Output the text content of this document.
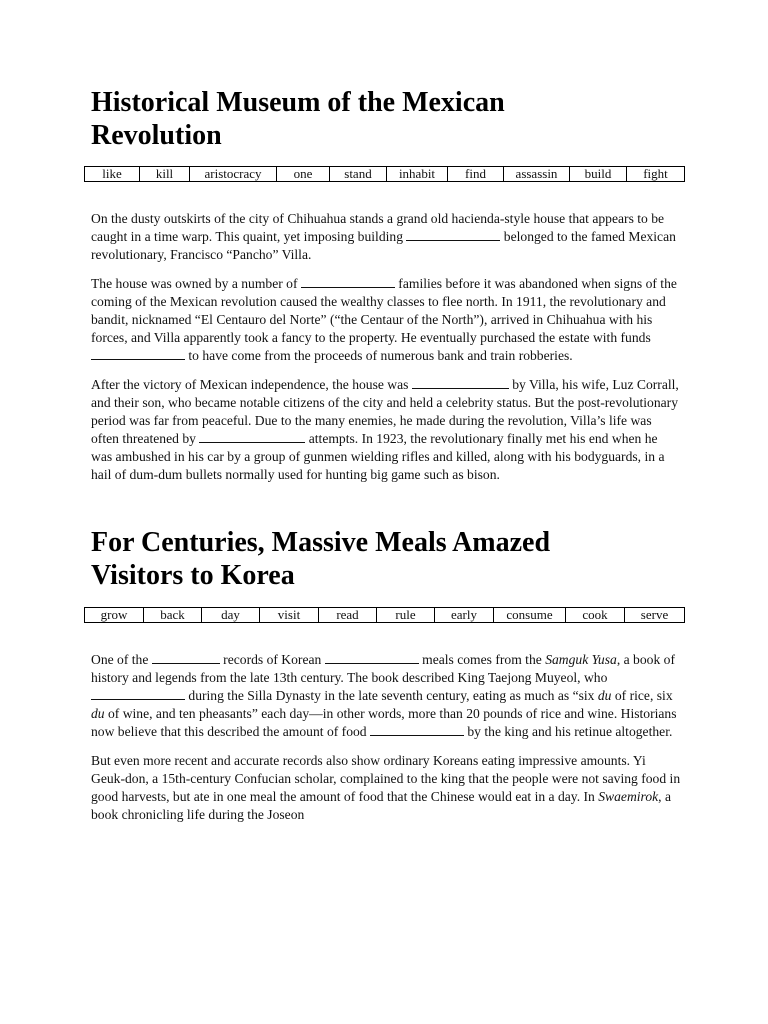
Historical Museum of the Mexican
Revolution
like	kill	aristocracy	one	stand	inhabit	find	assassin	build	fight

On the dusty outskirts of the city of Chihuahua stands a grand old hacienda-style house that appears to be caught in a time warp. This quaint, yet imposing building	belonged to the famed Mexican revolutionary, Francisco “Pancho” Villa.

The house was owned by a number of	families before it was abandoned when signs of the coming of the Mexican revolution caused the wealthy classes to flee north. In 1911, the revolutionary and bandit, nicknamed “El Centauro del Norte” (“the Centaur of the North”), arrived in Chihuahua with his forces, and Villa apparently took a fancy to the property. He eventually purchased the estate with funds  to have come from the proceeds of numerous bank and train robberies.

After the victory of Mexican independence, the house was	by Villa, his wife, Luz Corrall, and their son, who became notable citizens of the city and held a celebrity status. But the post-revolutionary period was far from peaceful. Due to the many enemies, he made during the revolution, Villa’s life was often threatened by	attempts. In 1923, the revolutionary finally met his end when he was ambushed in his car by a group of gunmen wielding rifles and killed, along with his bodyguards, in a hail of dum-dum bullets normally used for hunting big game such as bison.

For Centuries, Massive Meals Amazed
Visitors to Korea
grow	back	day	visit	read	rule	early	consume	cook	serve

One of the	records of Korean	meals comes from the Samguk Yusa, a book of history and legends from the late 13th century. The book described King Taejong Muyeol, who  during the Silla Dynasty in the late seventh century, eating as much as “six du of rice, six du of wine, and ten pheasants” each day—in other words, more than 20 pounds of rice and wine. Historians now believe that this described the amount of food	by the king and his retinue altogether.

But even more recent and accurate records also show ordinary Koreans eating impressive amounts. Yi Geuk-don, a 15th-century Confucian scholar, complained to the king that the people were not saving food in good harvests, but ate in one meal the amount of food that the Chinese would eat in a day. In Swaemirok, a book chronicling life during the Joseon
